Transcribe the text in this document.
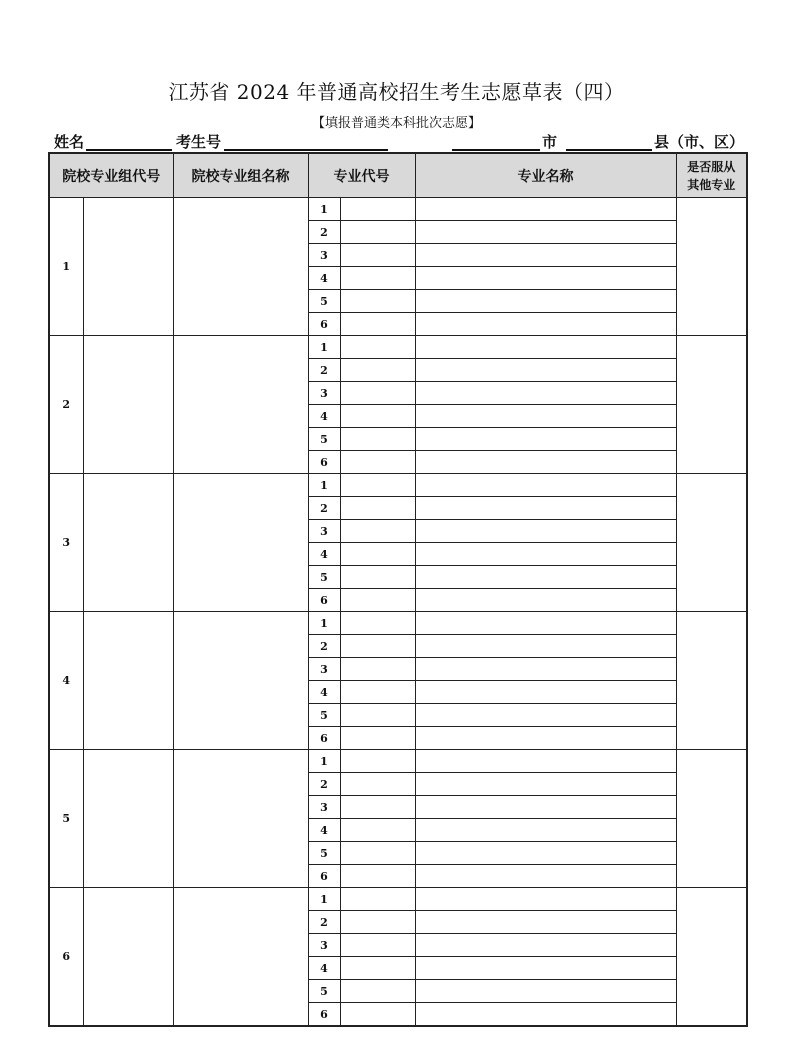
江苏省 2024 年普通高校招生考生志愿草表（四）
【填报普通类本科批次志愿】
姓名	考生号	市	县（市、区）
院校专业组代号		院校专业组名称	专业代号		专业名称	是否服从
其他专业

1			1			
			2			
			3			
			4			
			5			
			6			
2			1			
			2			
			3			
			4			
			5			
			6			
3			1			
			2			
			3			
			4			
			5			
			6			
4			1			
			2			
			3			
			4			
			5			
			6			
5			1			
			2			
			3			
			4			
			5			
			6			
6			1			
			2			
			3			
			4			
			5			
			6			
